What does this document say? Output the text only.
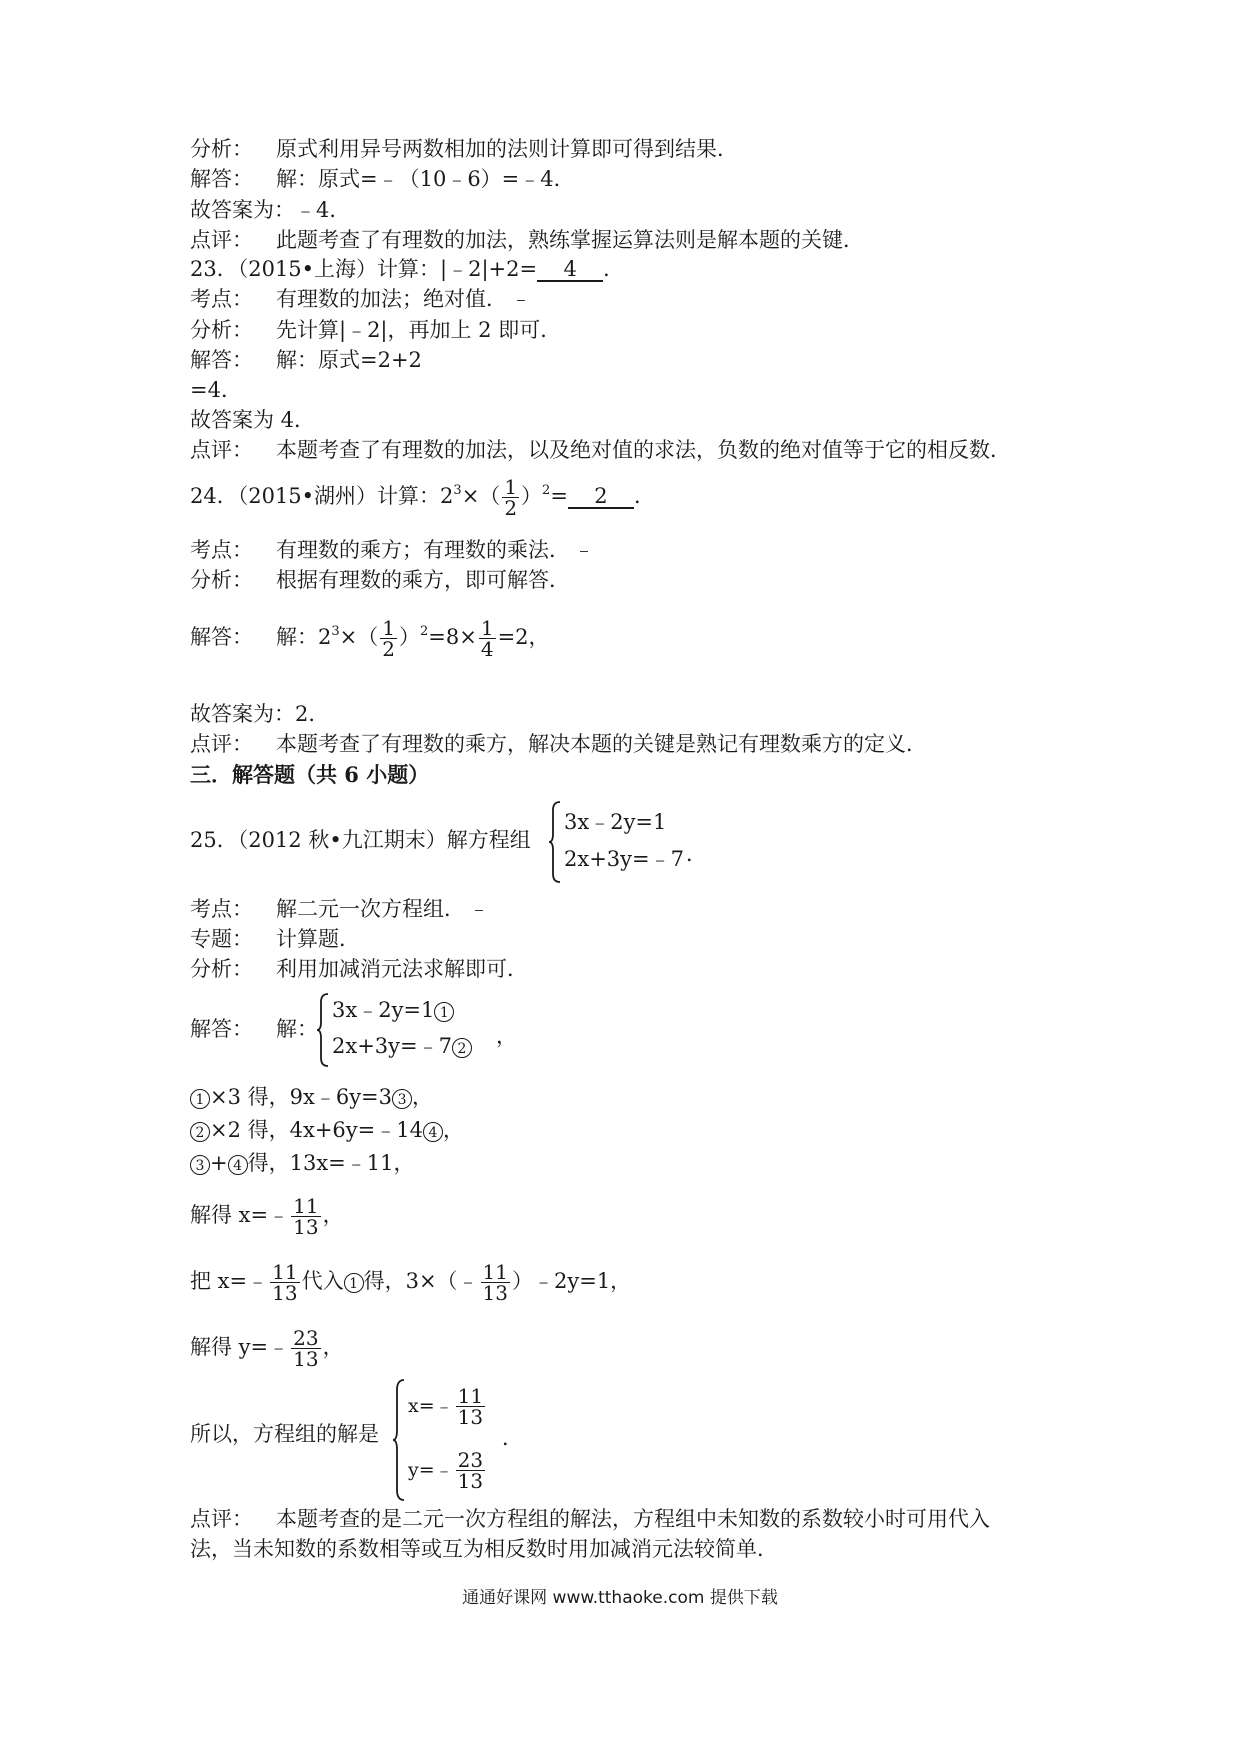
分析： 原式利用异号两数相加的法则计算即可得到结果．
解答： 解：原式=﹣（10﹣6）=﹣4．
故答案为：﹣4．
点评： 此题考查了有理数的加法，熟练掌握运算法则是解本题的关键．
23．（2015•上海）计算：|﹣2|+2= 4 ．
考点： 有理数的加法；绝对值．
分析： 先计算|﹣2|，再加上 2 即可．
解答： 解：原式=2+2
=4．
故答案为 4．
点评： 本题考查了有理数的加法，以及绝对值的求法，负数的绝对值等于它的相反数．
24．（2015•湖州）计算：$2^3\times( \frac{1}{2} )^2= 2$ ．
考点： 有理数的乘方；有理数的乘法．
分析： 根据有理数的乘方，即可解答．
解答： 解：$2^3\times( \frac{1}{2} )^2=8\times \frac{1}{4} =2$，
故答案为：2．
点评： 本题考查了有理数的乘方，解决本题的关键是熟记有理数乘方的定义．
三．解答题（共 6 小题）
25．（2012 秋•九江期末）解方程组
3x﹣2y=1
2x+3y=﹣7 ．
考点： 解二元一次方程组．
专题： 计算题．
分析： 利用加减消元法求解即可．
解答： 解：
3x﹣2y=1 1
2x+3y=﹣7 2
，
1 ×3 得，9x﹣6y=3 3 ，
2 ×2 得，4x+6y=﹣14 4 ，
3 + 4 得，13x=﹣11，
解得 x=﹣ $\frac{11}{13}$ ，
把 x=﹣ $\frac{11}{13}$ 代入 1 得，3×（﹣ $\frac{11}{13}$ ）﹣2y=1，
解得 y=﹣ $\frac{23}{13}$ ，
所以，方程组的解是
x=﹣ $\frac{11}{13}$
y=﹣ $\frac{23}{13}$
．
点评： 本题考查的是二元一次方程组的解法，方程组中未知数的系数较小时可用代入
法，当未知数的系数相等或互为相反数时用加减消元法较简单．
通通好课网 www.tthaoke.com 提供下载
